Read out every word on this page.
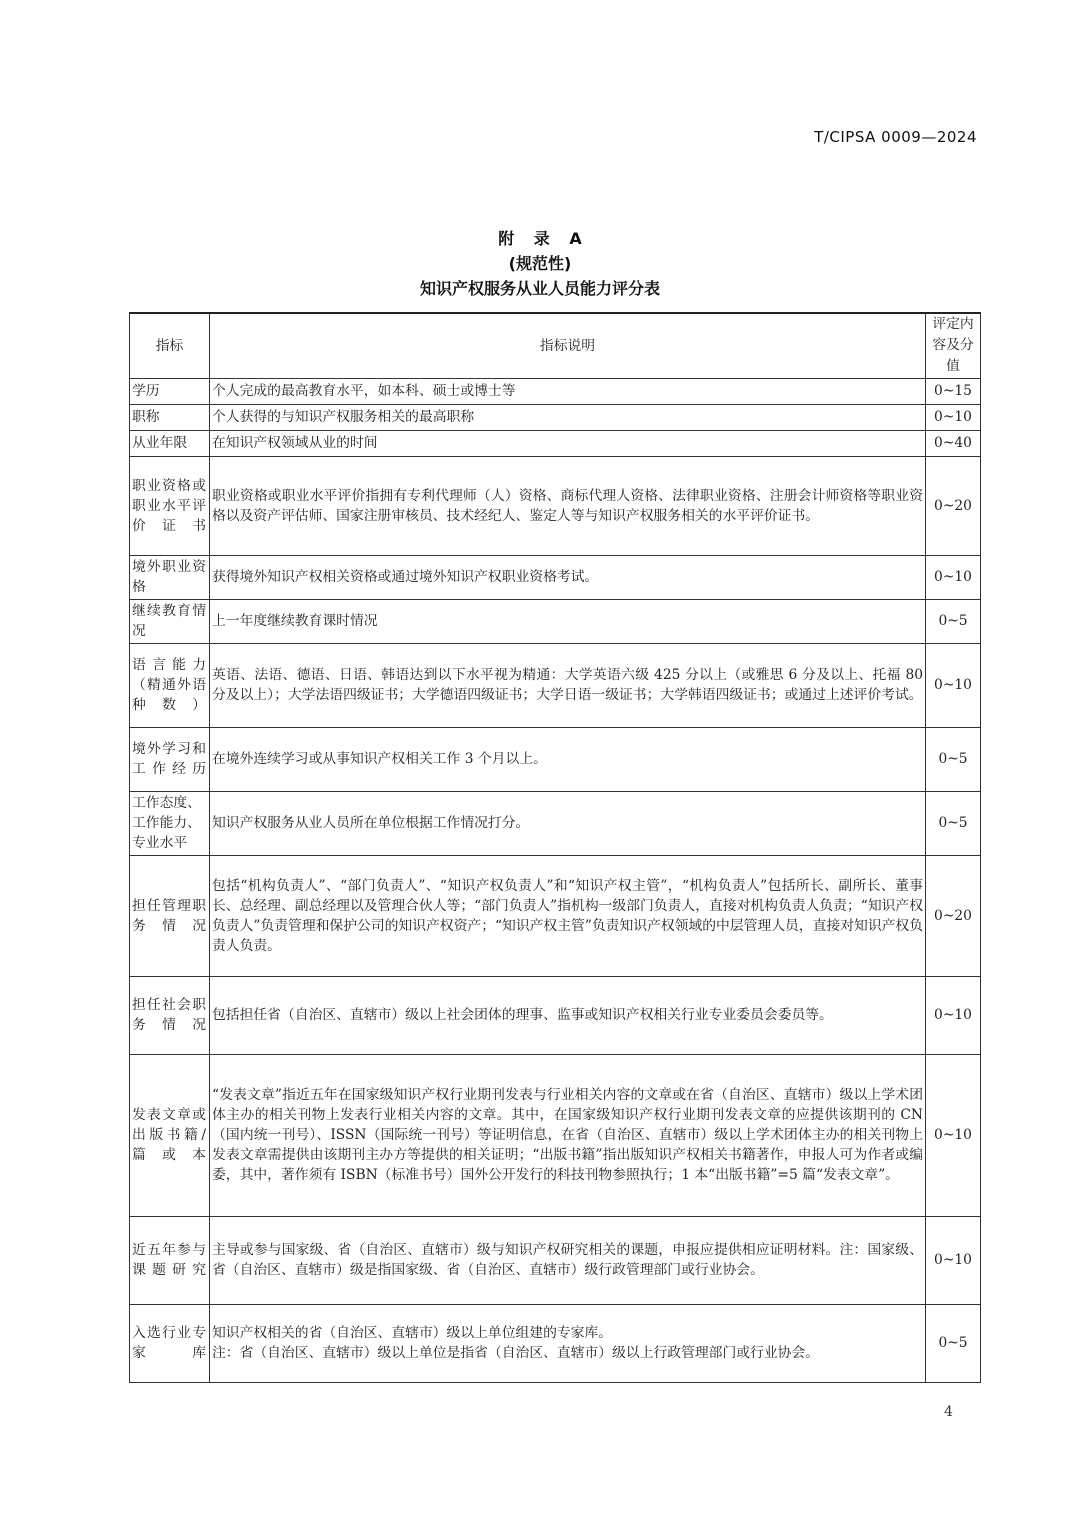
T/CIPSA 0009—2024
附 录 A
(规范性)
知识产权服务从业人员能力评分表
指标	指标说明	评定内容及分值
学历	个人完成的最高教育水平，如本科、硕士或博士等	0~15
职称	个人获得的与知识产权服务相关的最高职称	0~10
从业年限	在知识产权领域从业的时间	0~40
职业资格或职业水平评价证书	职业资格或职业水平评价指拥有专利代理师（人）资格、商标代理人资格、法律职业资格、注册会计师资格等职业资格以及资产评估师、国家注册审核员、技术经纪人、鉴定人等与知识产权服务相关的水平评价证书。	0~20
境外职业资格	获得境外知识产权相关资格或通过境外知识产权职业资格考试。	0~10
继续教育情况	上一年度继续教育课时情况	0~5
语言能力（精通外语种数）	英语、法语、德语、日语、韩语达到以下水平视为精通：大学英语六级 425 分以上（或雅思 6 分及以上、托福 80 分及以上）；大学法语四级证书；大学德语四级证书；大学日语一级证书；大学韩语四级证书；或通过上述评价考试。	0~10
境外学习和工作经历	在境外连续学习或从事知识产权相关工作 3 个月以上。	0~5
工作态度、工作能力、专业水平	知识产权服务从业人员所在单位根据工作情况打分。	0~5
担任管理职务情况	包括“机构负责人”、“部门负责人”、“知识产权负责人”和“知识产权主管”，“机构负责人”包括所长、副所长、董事长、总经理、副总经理以及管理合伙人等；“部门负责人”指机构一级部门负责人，直接对机构负责人负责；“知识产权负责人”负责管理和保护公司的知识产权资产；“知识产权主管”负责知识产权领域的中层管理人员，直接对知识产权负责人负责。	0~20
担任社会职务情况	包括担任省（自治区、直辖市）级以上社会团体的理事、监事或知识产权相关行业专业委员会委员等。	0~10
发表文章或出版书籍/篇或本	“发表文章”指近五年在国家级知识产权行业期刊发表与行业相关内容的文章或在省（自治区、直辖市）级以上学术团体主办的相关刊物上发表行业相关内容的文章。其中，在国家级知识产权行业期刊发表文章的应提供该期刊的 CN（国内统一刊号）、ISSN（国际统一刊号）等证明信息，在省（自治区、直辖市）级以上学术团体主办的相关刊物上发表文章需提供由该期刊主办方等提供的相关证明；“出版书籍”指出版知识产权相关书籍著作，申报人可为作者或编委，其中，著作须有 ISBN（标准书号）国外公开发行的科技刊物参照执行；1 本“出版书籍”=5 篇“发表文章”。	0~10
近五年参与课题研究	主导或参与国家级、省（自治区、直辖市）级与知识产权研究相关的课题，申报应提供相应证明材料。注：国家级、省（自治区、直辖市）级是指国家级、省（自治区、直辖市）级行政管理部门或行业协会。	0~10
入选行业专家库	知识产权相关的省（自治区、直辖市）级以上单位组建的专家库。
注：省（自治区、直辖市）级以上单位是指省（自治区、直辖市）级以上行政管理部门或行业协会。	0~5
4
